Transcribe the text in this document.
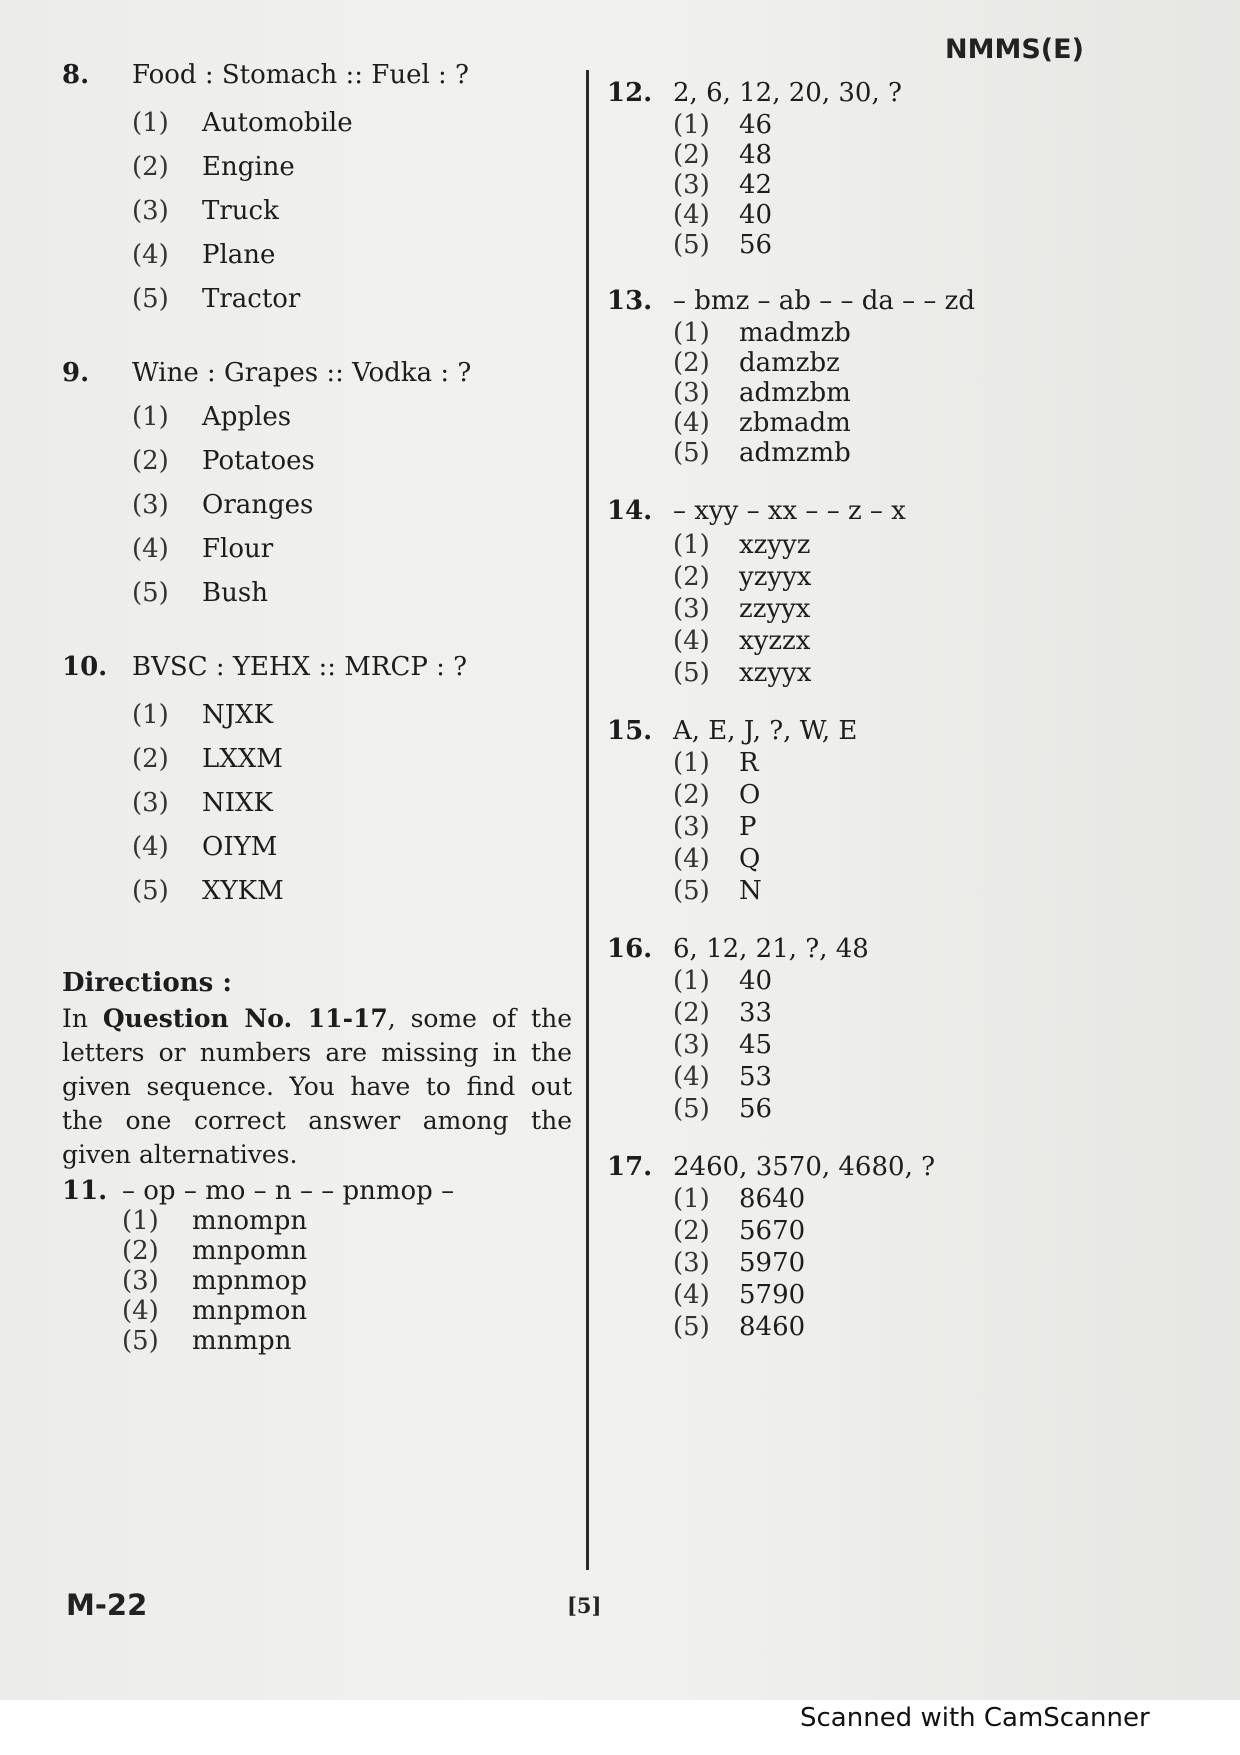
NMMS(E)
8.	Food : Stomach :: Fuel : ?
(1)	Automobile
(2)	Engine
(3)	Truck
(4)	Plane
(5)	Tractor
9.	Wine : Grapes :: Vodka : ?
(1)	Apples
(2)	Potatoes
(3)	Oranges
(4)	Flour
(5)	Bush
10. BVSC : YEHX :: MRCP : ?
(1)	NJXK
(2)	LXXM
(3)	NIXK
(4)	OIYM
(5)	XYKM
Directions :
In Question No. 11-17, some of the letters or numbers are missing in the given sequence. You have to find out the one correct answer among the given alternatives.
11. – op – mo – n – – pnmop –
(1)	mnompn
(2)	mnpomn
(3)	mpnmop
(4)	mnpmon
(5)	mnmpn
12. 2, 6, 12, 20, 30, ?
(1)	46
(2)	48
(3)	42
(4)	40
(5)	56
13. – bmz – ab – – da – – zd
(1)	madmzb
(2)	damzbz
(3)	admzbm
(4)	zbmadm
(5)	admzmb
14. – xyy – xx – – z – x
(1)	xzyyz
(2)	yzyyx
(3)	zzyyx
(4)	xyzzx
(5)	xzyyx
15. A, E, J, ?, W, E
(1)	R
(2)	O
(3)	P
(4)	Q
(5)	N
16. 6, 12, 21, ?, 48
(1)	40
(2)	33
(3)	45
(4)	53
(5)	56
17. 2460, 3570, 4680, ?
(1)	8640
(2)	5670
(3)	5970
(4)	5790
(5)	8460
M-22	[5]
Scanned with CamScanner
